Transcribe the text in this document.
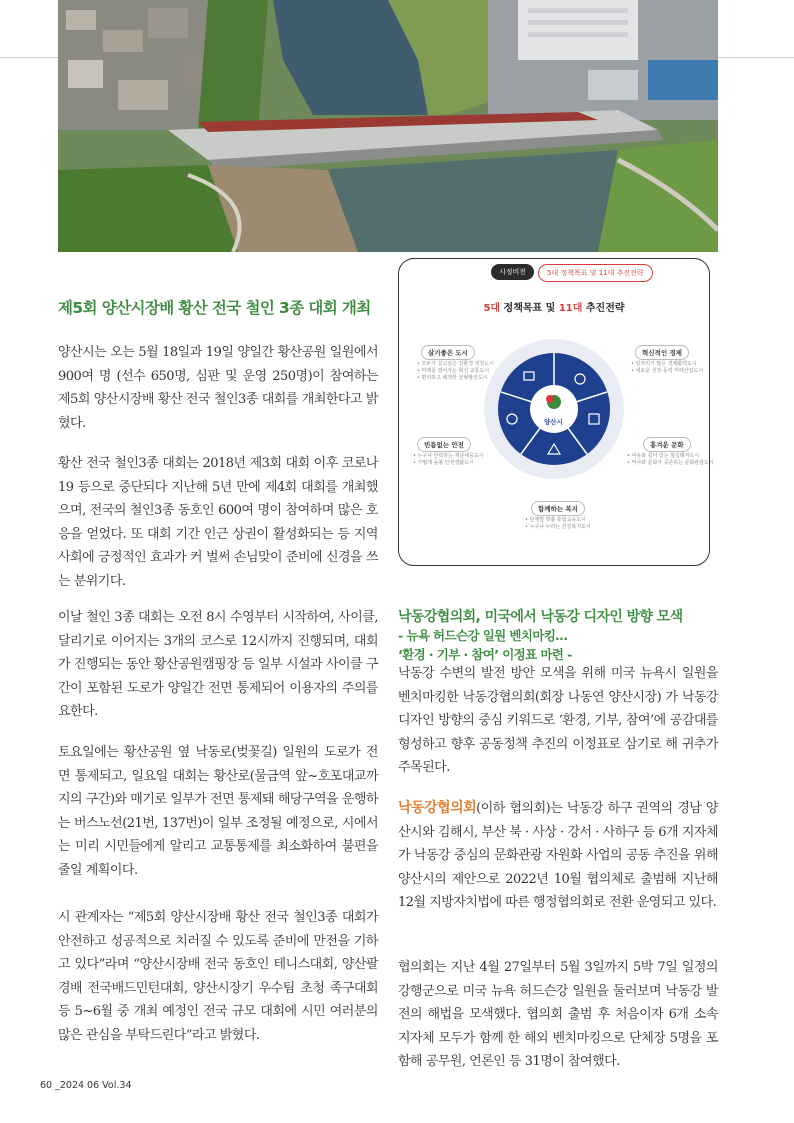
제5회 양산시장배 황산 전국 철인 3종 대회 개최

양산시는 오는 5월 18일과 19일 양일간 황산공원 일원에서 900여 명 (선수 650명, 심판 및 운영 250명)이 참여하는 제5회 양산시장배 황산 전국 철인3종 대회를 개최한다고 밝혔다.

황산 전국 철인3종 대회는 2018년 제3회 대회 이후 코로나19 등으로 중단되다 지난해 5년 만에 제4회 대회를 개최했으며, 전국의 철인3종 동호인 600여 명이 참여하며 많은 호응을 얻었다. 또 대회 기간 인근 상권이 활성화되는 등 지역사회에 긍정적인 효과가 커 벌써 손님맞이 준비에 신경을 쓰는 분위기다.

이날 철인 3종 대회는 오전 8시 수영부터 시작하여, 사이클, 달리기로 이어지는 3개의 코스로 12시까지 진행되며, 대회가 진행되는 동안 황산공원캠핑장 등 일부 시설과 사이클 구간이 포함된 도로가 양일간 전면 통제되어 이용자의 주의를 요한다.

토요일에는 황산공원 옆 낙동로(벚꽃길) 일원의 도로가 전면 통제되고, 일요일 대회는 황산로(물금역 앞~호포대교까지의 구간)와 매기로 일부가 전면 통제돼 해당구역을 운행하는 버스노선(21번, 137번)이 일부 조정될 예정으로, 시에서는 미리 시민들에게 알리고 교통통제를 최소화하여 불편을 줄일 계획이다.

시 관계자는 “제5회 양산시장배 황산 전국 철인3종 대회가 안전하고 성공적으로 치러질 수 있도록 준비에 만전을 기하고 있다”라며 “양산시장배 전국 동호인 테니스대회, 양산팔경배 전국배드민턴대회, 양산시장기 우수팀 초청 족구대회 등 5~6월 중 개최 예정인 전국 규모 대회에 시민 여러분의 많은 관심을 부탁드린다”라고 밝혔다.

시정비전	5대 정책목표 및 11대 추진전략
5대 정책목표 및 11대 추진전략
양산시
살기좋은 도시
• 모두가 살고싶은 친환경 정원도시
• 미래를 열어가는 혁신 교통도시
• 편리하고 쾌적한 균형발전도시
혁신적인 경제
• 일자리가 많은 경제활력도시
• 새로운 성장 동력 미래산업도시
흥겨운 문화
• 여유와 쉼이 있는 힐링레저도시
• 역사와 문화가 공존하는 문화관광도시
함께하는 복지
• 단계별 맞춤 통합교육도시
• 누구나 누리는 건강복지도시
빈틈없는 안전
• 누구나 안락하는 재난대응도시
• 가볍게 돌볼 안전생활도시
낙동강협의회, 미국에서 낙동강 디자인 방향 모색
- 뉴욕 허드슨강 일원 벤치마킹…
‘환경 · 기부 · 참여’ 이정표 마련 -

낙동강 수변의 발전 방안 모색을 위해 미국 뉴욕시 일원을 벤치마킹한 낙동강협의회(회장 나동연 양산시장) 가 낙동강 디자인 방향의 중심 키워드로 ‘환경, 기부, 참여’에 공감대를 형성하고 향후 공동정책 추진의 이정표로 삼기로 해 귀추가 주목된다.

낙동강협의회(이하 협의회)는 낙동강 하구 권역의 경남 양산시와 김해시, 부산 북 · 사상 · 강서 · 사하구 등 6개 지자체가 낙동강 중심의 문화관광 자원화 사업의 공동 추진을 위해 양산시의 제안으로 2022년 10월 협의체로 출범해 지난해 12월 지방자치법에 따른 행정협의회로 전환 운영되고 있다.

협의회는 지난 4월 27일부터 5월 3일까지 5박 7일 일정의 강행군으로 미국 뉴욕 허드슨강 일원을 둘러보며 낙동강 발전의 해법을 모색했다. 협의회 출범 후 처음이자 6개 소속 지자체 모두가 함께 한 해외 벤치마킹으로 단체장 5명을 포함해 공무원, 언론인 등 31명이 참여했다.

60 _2024 06 Vol.34
